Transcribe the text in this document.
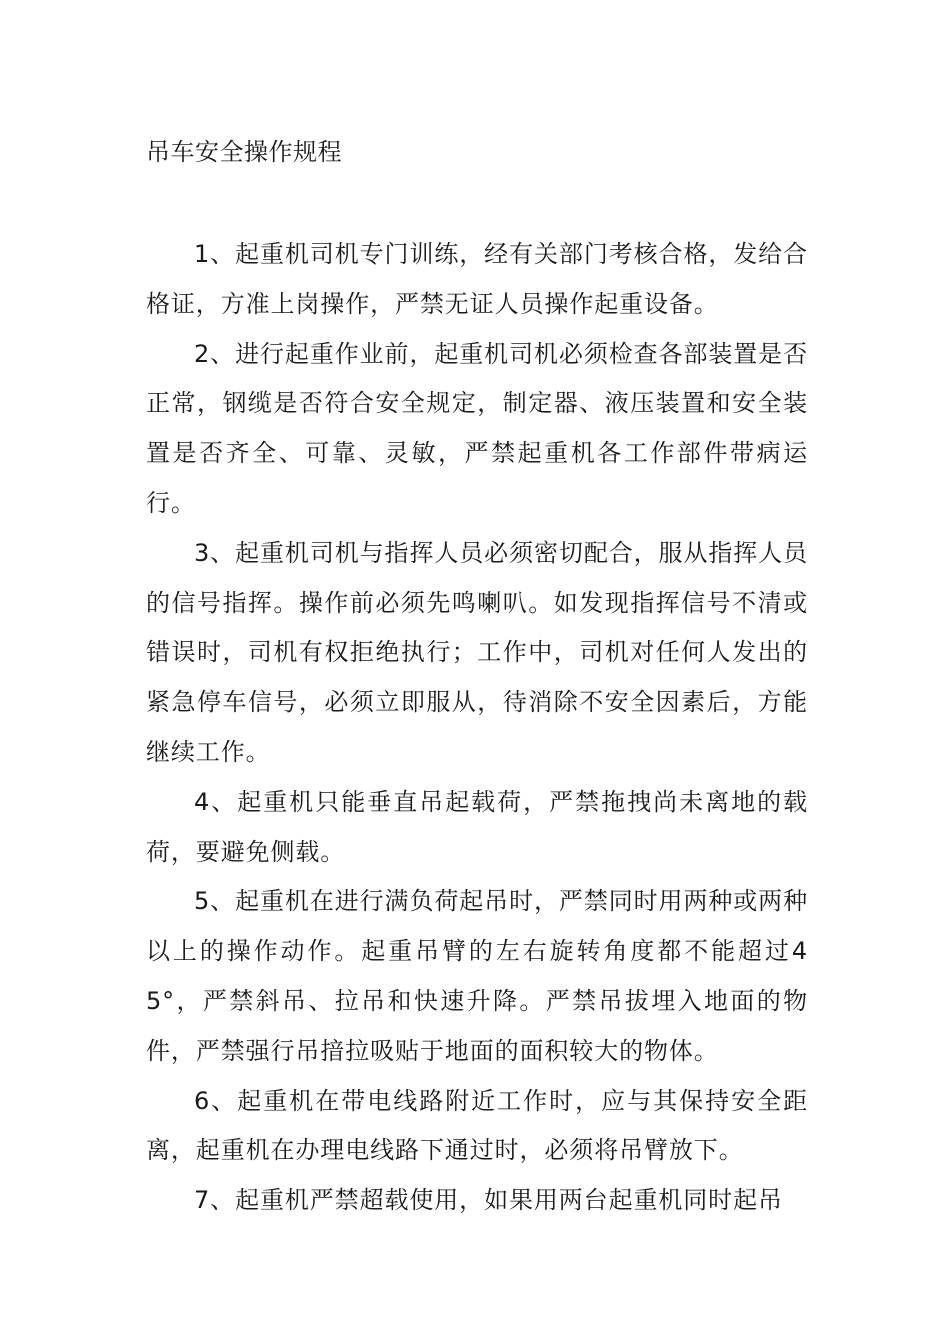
吊车安全操作规程

1、起重机司机专门训练，经有关部门考核合格，发给合格证，方准上岗操作，严禁无证人员操作起重设备。

2、进行起重作业前，起重机司机必须检查各部装置是否正常，钢缆是否符合安全规定，制定器、液压装置和安全装置是否齐全、可靠、灵敏，严禁起重机各工作部件带病运行。

3、起重机司机与指挥人员必须密切配合，服从指挥人员的信号指挥。操作前必须先鸣喇叭。如发现指挥信号不清或错误时，司机有权拒绝执行；工作中，司机对任何人发出的紧急停车信号，必须立即服从，待消除不安全因素后，方能继续工作。

4、起重机只能垂直吊起载荷，严禁拖拽尚未离地的载荷，要避免侧载。

5、起重机在进行满负荷起吊时，严禁同时用两种或两种以上的操作动作。起重吊臂的左右旋转角度都不能超过45°，严禁斜吊、拉吊和快速升降。严禁吊拔埋入地面的物件，严禁强行吊揞拉吸贴于地面的面积较大的物体。

6、起重机在带电线路附近工作时，应与其保持安全距离，起重机在办理电线路下通过时，必须将吊臂放下。

7、起重机严禁超载使用，如果用两台起重机同时起吊
